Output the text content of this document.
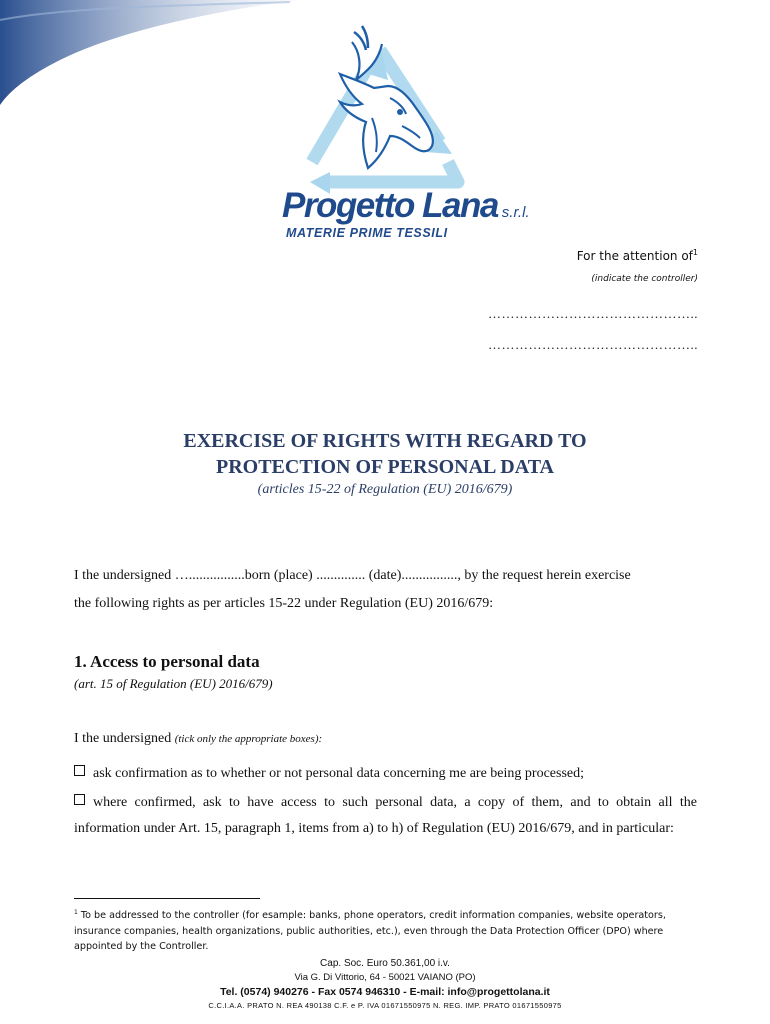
Progetto Lana s.r.l.
MATERIE PRIME TESSILI
For the attention $of^1$
(indicate the controller)
………………………………………..
………………………………………..
EXERCISE OF RIGHTS WITH REGARD TO
PROTECTION OF PERSONAL DATA
(articles 15-22 of Regulation (EU) 2016/679)
I the undersigned …................born (place) .............. (date)................, by the request herein exercise
the following rights as per articles 15-22 under Regulation (EU) 2016/679:
1. Access to personal data
(art. 15 of Regulation (EU) 2016/679)
I the undersigned (tick only the appropriate boxes):
ask confirmation as to whether or not personal data concerning me are being processed;
where confirmed, ask to have access to such personal data, a copy of them, and to obtain all the information under Art. 15, paragraph 1, items from a) to h) of Regulation (EU) 2016/679, and in particular:
$^1$ To be addressed to the controller (for esample: banks, phone operators, credit information companies, website operators, insurance companies, health organizations, public authorities, etc.), even through the Data Protection Officer (DPO) where appointed by the Controller.
Cap. Soc. Euro 50.361,00 i.v.
Via G. Di Vittorio, 64 - 50021 VAIANO (PO)
Tel. (0574) 940276 - Fax 0574 946310 - E-mail: info@progettolana.it
C.C.I.A.A. PRATO N. REA 490138 C.F. e P. IVA 01671550975 N. REG. IMP. PRATO 01671550975
